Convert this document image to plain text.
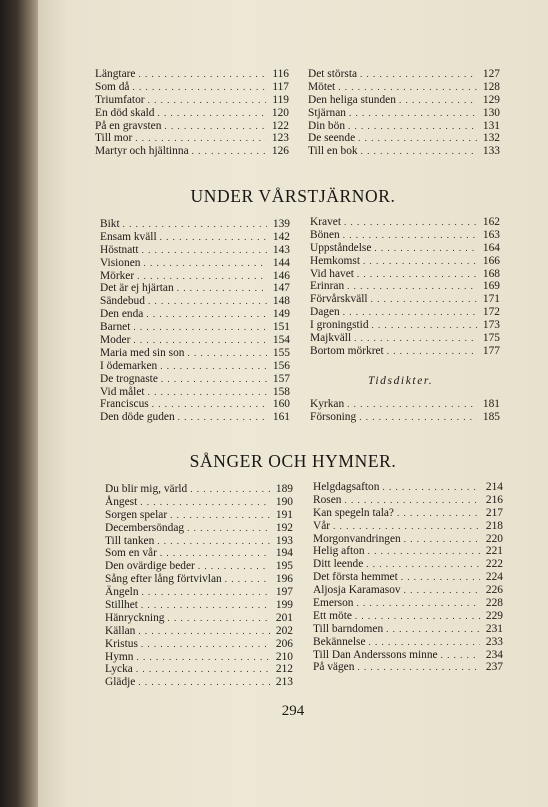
Längtare . . .	116
Som då . . .	117
Triumfator . . .	119
En död skald . . .	120
På en gravsten . . .	122
Till mor . . .	123
Martyr och hjältinna . . .	126
Det största . . .	127
Mötet . . .	128
Den heliga stunden . . .	129
Stjärnan . . .	130
Din bön . . .	131
De seende . . .	132
Till en bok . . .	133
UNDER VÅRSTJÄRNOR.
Bikt . . .	139
Ensam kväll . . .	142
Höstnatt . . .	143
Visionen . . .	144
Mörker . . .	146
Det är ej hjärtan . . .	147
Sändebud . . .	148
Den enda . . .	149
Barnet . . .	151
Moder . . .	154
Maria med sin son . . .	155
I ödemarken . . .	156
De trognaste . . .	157
Vid målet . . .	158
Franciscus . . .	160
Den döde guden . . .	161
Kravet . . .	162
Bönen . . .	163
Uppståndelse . . .	164
Hemkomst . . .	166
Vid havet . . .	168
Erinran . . .	169
Förvårskväll . . .	171
Dagen . . .	172
I groningstid . . .	173
Majkväll . . .	175
Bortom mörkret . . .	177
Tidsdikter.
Kyrkan . . .	181
Försoning . . .	185
SÅNGER OCH HYMNER.
Du blir mig, värld . . .	189
Ångest . . .	190
Sorgen spelar . . .	191
Decembersöndag . . .	192
Till tanken . . .	193
Som en vår . . .	194
Den ovärdige beder . . .	195
Sång efter lång förtvivlan . . .	196
Ängeln . . .	197
Stillhet . . .	199
Hänryckning . . .	201
Källan . . .	202
Kristus . . .	206
Hymn . . .	210
Lycka . . .	212
Glädje . . .	213
Helgdagsafton . . .	214
Rosen . . .	216
Kan spegeln tala? . . .	217
Vår . . .	218
Morgonvandringen . . .	220
Helig afton . . .	221
Ditt leende . . .	222
Det första hemmet . . .	224
Aljosja Karamasov . . .	226
Emerson . . .	228
Ett möte . . .	229
Till barndomen . . .	231
Bekännelse . . .	233
Till Dan Anderssons minne . . .	234
På vägen . . .	237
294
